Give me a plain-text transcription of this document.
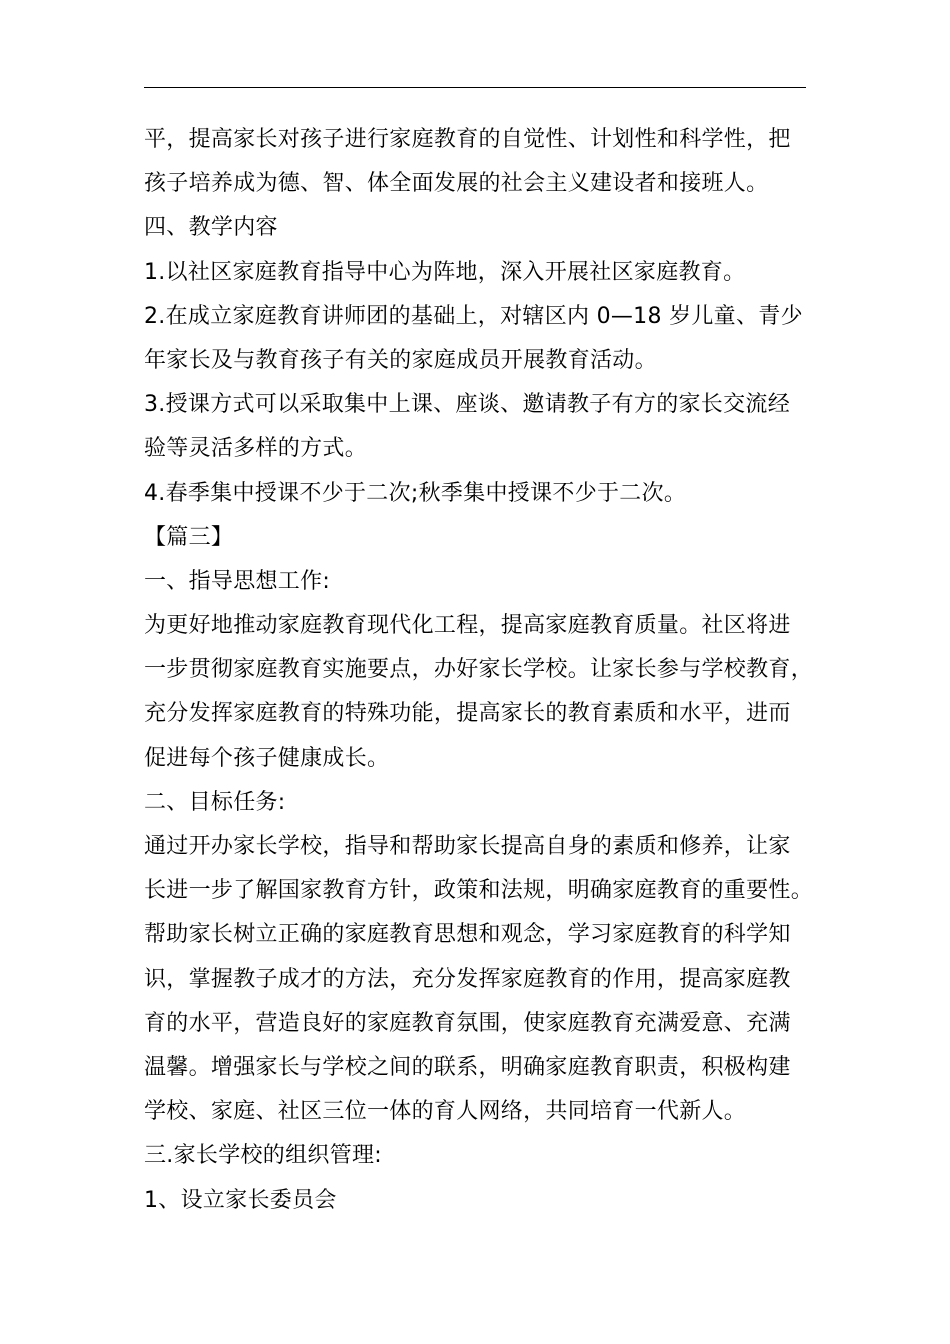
平，提高家长对孩子进行家庭教育的自觉性、计划性和科学性，把
孩子培养成为德、智、体全面发展的社会主义建设者和接班人。
四、教学内容
1.以社区家庭教育指导中心为阵地，深入开展社区家庭教育。
2.在成立家庭教育讲师团的基础上，对辖区内 0—18 岁儿童、青少
年家长及与教育孩子有关的家庭成员开展教育活动。
3.授课方式可以采取集中上课、座谈、邀请教子有方的家长交流经
验等灵活多样的方式。
4.春季集中授课不少于二次;秋季集中授课不少于二次。
【篇三】
一、指导思想工作:
为更好地推动家庭教育现代化工程，提高家庭教育质量。社区将进
一步贯彻家庭教育实施要点，办好家长学校。让家长参与学校教育，
充分发挥家庭教育的特殊功能，提高家长的教育素质和水平，进而
促进每个孩子健康成长。
二、目标任务:
通过开办家长学校，指导和帮助家长提高自身的素质和修养，让家
长进一步了解国家教育方针，政策和法规，明确家庭教育的重要性。
帮助家长树立正确的家庭教育思想和观念，学习家庭教育的科学知
识，掌握教子成才的方法，充分发挥家庭教育的作用，提高家庭教
育的水平，营造良好的家庭教育氛围，使家庭教育充满爱意、充满
温馨。增强家长与学校之间的联系，明确家庭教育职责，积极构建
学校、家庭、社区三位一体的育人网络，共同培育一代新人。
三.家长学校的组织管理:
1、设立家长委员会
